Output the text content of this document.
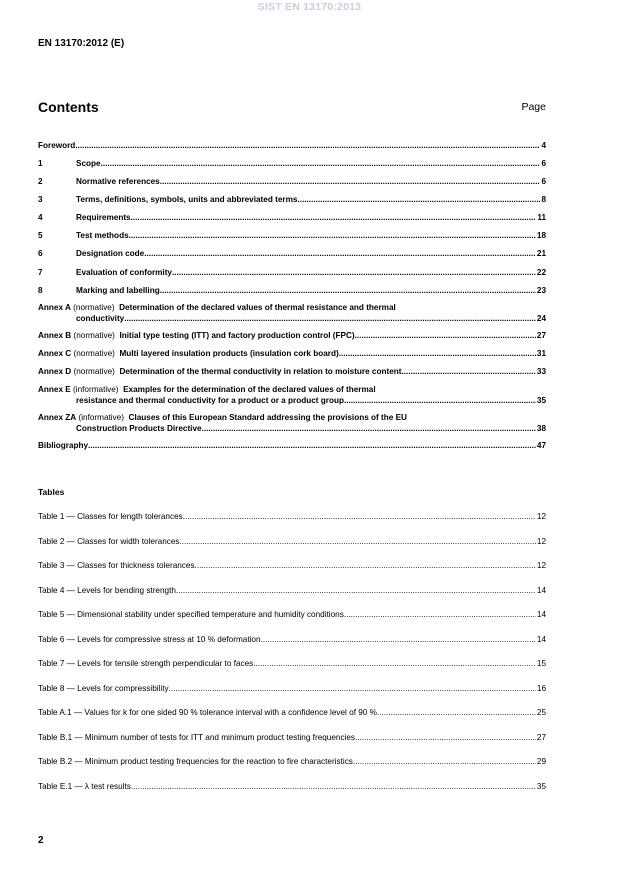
SIST EN 13170:2013
EN 13170:2012 (E)
Contents	Page
Foreword .....	4
1	Scope .....	6
2	Normative references .....	6
3	Terms, definitions, symbols, units and abbreviated terms .....	8
4	Requirements .....	11
5	Test methods .....	18
6	Designation code .....	21
7	Evaluation of conformity .....	22
8	Marking and labelling .....	23
Annex A (normative) Determination of the declared values of thermal resistance and thermal
conductivity .....	24
Annex B (normative) Initial type testing (ITT) and factory production control (FPC) .....	27
Annex C (normative) Multi layered insulation products (insulation cork board) .....	31
Annex D (normative) Determination of the thermal conductivity in relation to moisture content .....	33
Annex E (informative) Examples for the determination of the declared values of thermal
resistance and thermal conductivity for a product or a product group .....	35
Annex ZA (informative) Clauses of this European Standard addressing the provisions of the EU
Construction Products Directive .....	38
Bibliography .....	47
Tables
Table 1 — Classes for length tolerances .....	12
Table 2 — Classes for width tolerances .....	12
Table 3 — Classes for thickness tolerances .....	12
Table 4 — Levels for bending strength .....	14
Table 5 — Dimensional stability under specified temperature and humidity conditions .....	14
Table 6 — Levels for compressive stress at 10 % deformation .....	14
Table 7 — Levels for tensile strength perpendicular to faces .....	15
Table 8 — Levels for compressibility .....	16
Table A.1 — Values for k for one sided 90 % tolerance interval with a confidence level of 90 % .....	25
Table B.1 — Minimum number of tests for ITT and minimum product testing frequencies .....	27
Table B.2 — Minimum product testing frequencies for the reaction to fire characteristics .....	29
Table E.1 — λ test results .....	35
2
